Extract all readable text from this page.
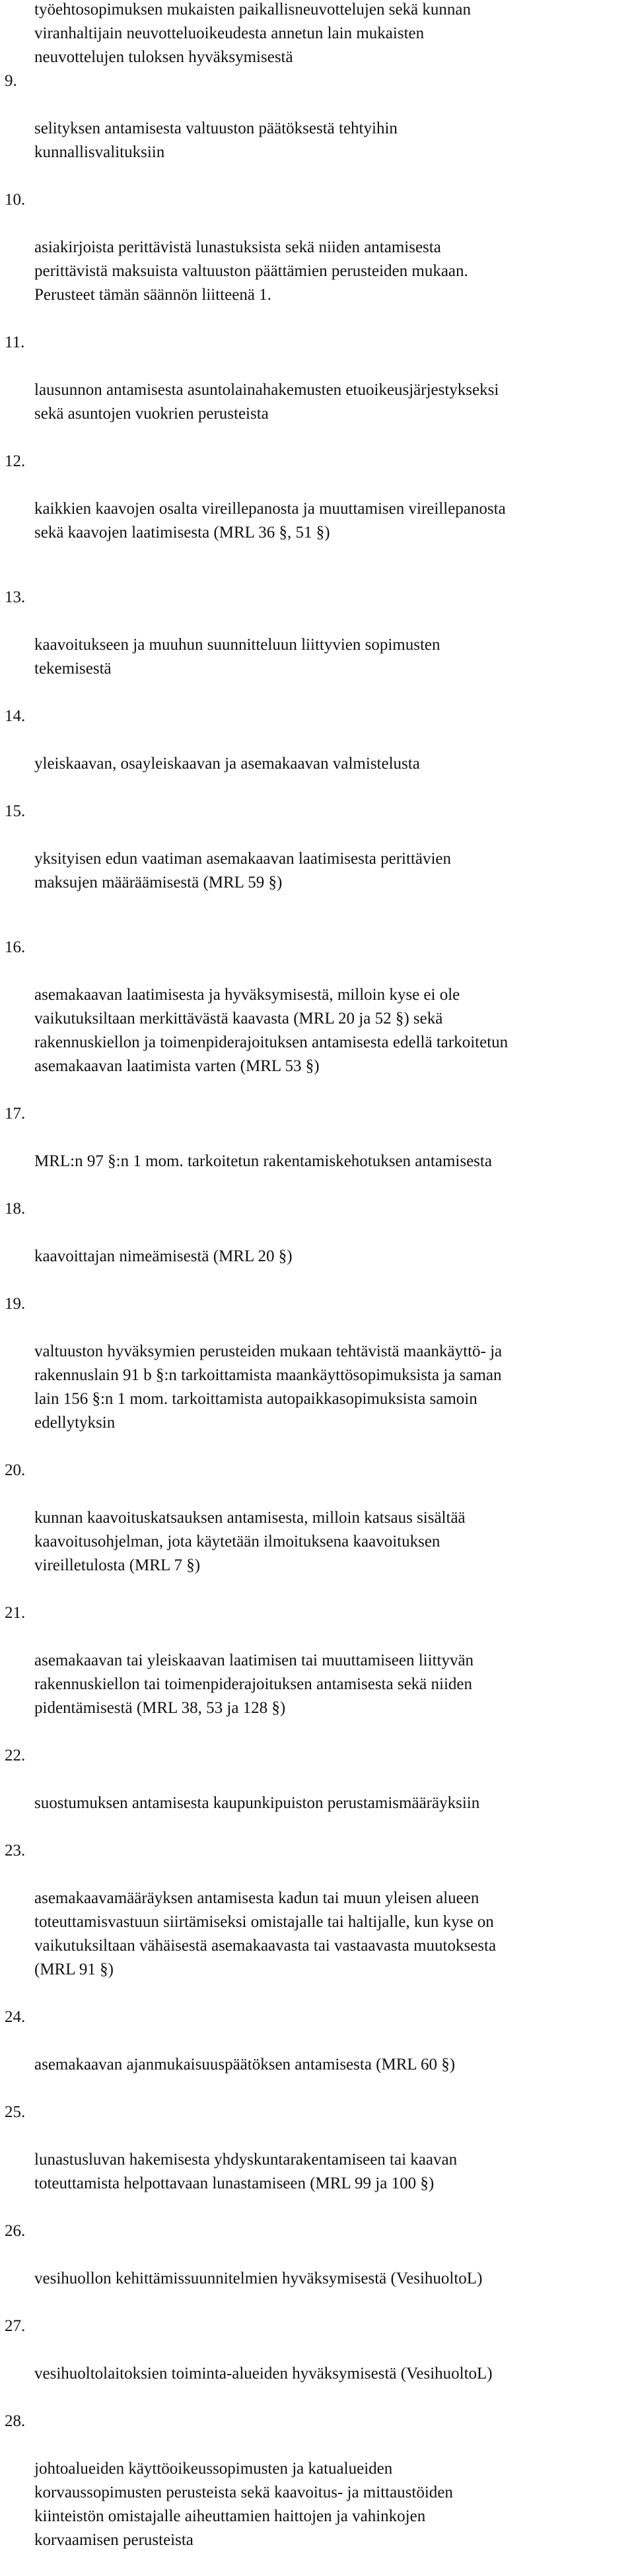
työehtosopimuksen mukaisten paikallisneuvottelujen sekä kunnan
viranhaltijain neuvotteluoikeudesta annetun lain mukaisten
neuvottelujen tuloksen hyväksymisestä

9.

selityksen antamisesta valtuuston päätöksestä tehtyihin
kunnallisvalituksiin

10.

asiakirjoista perittävistä lunastuksista sekä niiden antamisesta
perittävistä maksuista valtuuston päättämien perusteiden mukaan.
Perusteet tämän säännön liitteenä 1.

11.

lausunnon antamisesta asuntolainahakemusten etuoikeusjärjestykseksi
sekä asuntojen vuokrien perusteista

12.

kaikkien kaavojen osalta vireillepanosta ja muuttamisen vireillepanosta
sekä kaavojen laatimisesta (MRL 36 §, 51 §)

13.

kaavoitukseen ja muuhun suunnitteluun liittyvien sopimusten
tekemisestä

14.

yleiskaavan, osayleiskaavan ja asemakaavan valmistelusta

15.

yksityisen edun vaatiman asemakaavan laatimisesta perittävien
maksujen määräämisestä (MRL 59 §)

16.

asemakaavan laatimisesta ja hyväksymisestä, milloin kyse ei ole
vaikutuksiltaan merkittävästä kaavasta (MRL 20 ja 52 §) sekä
rakennuskiellon ja toimenpiderajoituksen antamisesta edellä tarkoitetun
asemakaavan laatimista varten (MRL 53 §)

17.

MRL:n 97 §:n 1 mom. tarkoitetun rakentamiskehotuksen antamisesta

18.

kaavoittajan nimeämisestä (MRL 20 §)

19.

valtuuston hyväksymien perusteiden mukaan tehtävistä maankäyttö- ja
rakennuslain 91 b §:n tarkoittamista maankäyttösopimuksista ja saman
lain 156 §:n 1 mom. tarkoittamista autopaikkasopimuksista samoin
edellytyksin

20.

kunnan kaavoituskatsauksen antamisesta, milloin katsaus sisältää
kaavoitusohjelman, jota käytetään ilmoituksena kaavoituksen
vireilletulosta (MRL 7 §)

21.

asemakaavan tai yleiskaavan laatimisen tai muuttamiseen liittyvän
rakennuskiellon tai toimenpiderajoituksen antamisesta sekä niiden
pidentämisestä (MRL 38, 53 ja 128 §)

22.

suostumuksen antamisesta kaupunkipuiston perustamismääräyksiin

23.

asemakaavamääräyksen antamisesta kadun tai muun yleisen alueen
toteuttamisvastuun siirtämiseksi omistajalle tai haltijalle, kun kyse on
vaikutuksiltaan vähäisestä asemakaavasta tai vastaavasta muutoksesta
(MRL 91 §)

24.

asemakaavan ajanmukaisuuspäätöksen antamisesta (MRL 60 §)

25.

lunastusluvan hakemisesta yhdyskuntarakentamiseen tai kaavan
toteuttamista helpottavaan lunastamiseen (MRL 99 ja 100 §)

26.

vesihuollon kehittämissuunnitelmien hyväksymisestä (VesihuoltoL)

27.

vesihuoltolaitoksien toiminta-alueiden hyväksymisestä (VesihuoltoL)

28.

johtoalueiden käyttöoikeussopimusten ja katualueiden
korvaussopimusten perusteista sekä kaavoitus- ja mittaustöiden
kiinteistön omistajalle aiheuttamien haittojen ja vahinkojen
korvaamisen perusteista
